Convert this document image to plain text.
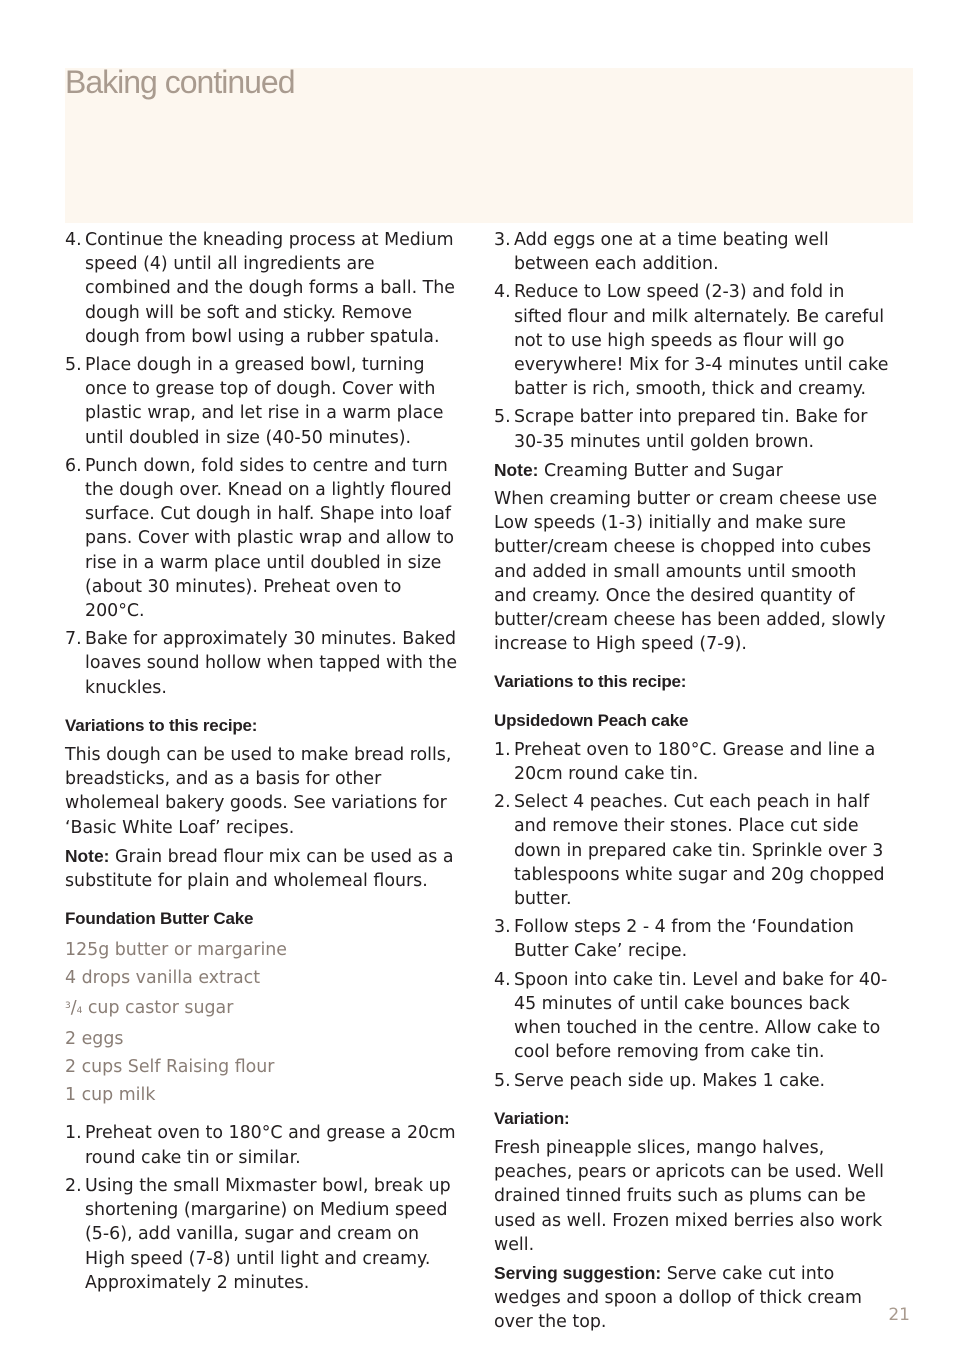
Baking continued
4. Continue the kneading process at Medium speed (4) until all ingredients are combined and the dough forms a ball. The dough will be soft and sticky. Remove dough from bowl using a rubber spatula.
5. Place dough in a greased bowl, turning once to grease top of dough. Cover with plastic wrap, and let rise in a warm place until doubled in size (40-50 minutes).
6. Punch down, fold sides to centre and turn the dough over. Knead on a lightly floured surface. Cut dough in half. Shape into loaf pans. Cover with plastic wrap and allow to rise in a warm place until doubled in size (about 30 minutes). Preheat oven to 200°C.
7. Bake for approximately 30 minutes. Baked loaves sound hollow when tapped with the knuckles.
Variations to this recipe:

This dough can be used to make bread rolls, breadsticks, and as a basis for other wholemeal bakery goods. See variations for ‘Basic White Loaf’ recipes.

Note: Grain bread flour mix can be used as a substitute for plain and wholemeal flours.

Foundation Butter Cake
125g butter or margarine
4 drops vanilla extract
$^3$/4 cup castor sugar
2 eggs
2 cups Self Raising flour
1 cup milk
1. Preheat oven to 180°C and grease a 20cm round cake tin or similar.
2. Using the small Mixmaster bowl, break up shortening (margarine) on Medium speed (5-6), add vanilla, sugar and cream on High speed (7-8) until light and creamy. Approximately 2 minutes.
3. Add eggs one at a time beating well between each addition.
4. Reduce to Low speed (2-3) and fold in sifted flour and milk alternately. Be careful not to use high speeds as flour will go everywhere! Mix for 3-4 minutes until cake batter is rich, smooth, thick and creamy.
5. Scrape batter into prepared tin. Bake for 30-35 minutes until golden brown.

Note: Creaming Butter and Sugar

When creaming butter or cream cheese use Low speeds (1-3) initially and make sure butter/cream cheese is chopped into cubes and added in small amounts until smooth and creamy. Once the desired quantity of butter/cream cheese has been added, slowly increase to High speed (7-9).

Variations to this recipe:
Upsidedown Peach cake
1. Preheat oven to 180°C. Grease and line a 20cm round cake tin.
2. Select 4 peaches. Cut each peach in half and remove their stones. Place cut side down in prepared cake tin. Sprinkle over 3 tablespoons white sugar and 20g chopped butter.
3. Follow steps 2 - 4 from the ‘Foundation Butter Cake’ recipe.
4. Spoon into cake tin. Level and bake for 40-45 minutes of until cake bounces back when touched in the centre. Allow cake to cool before removing from cake tin.
5. Serve peach side up. Makes 1 cake.
Variation:

Fresh pineapple slices, mango halves, peaches, pears or apricots can be used. Well drained tinned fruits such as plums can be used as well. Frozen mixed berries also work well.

Serving suggestion: Serve cake cut into wedges and spoon a dollop of thick cream over the top.	21
